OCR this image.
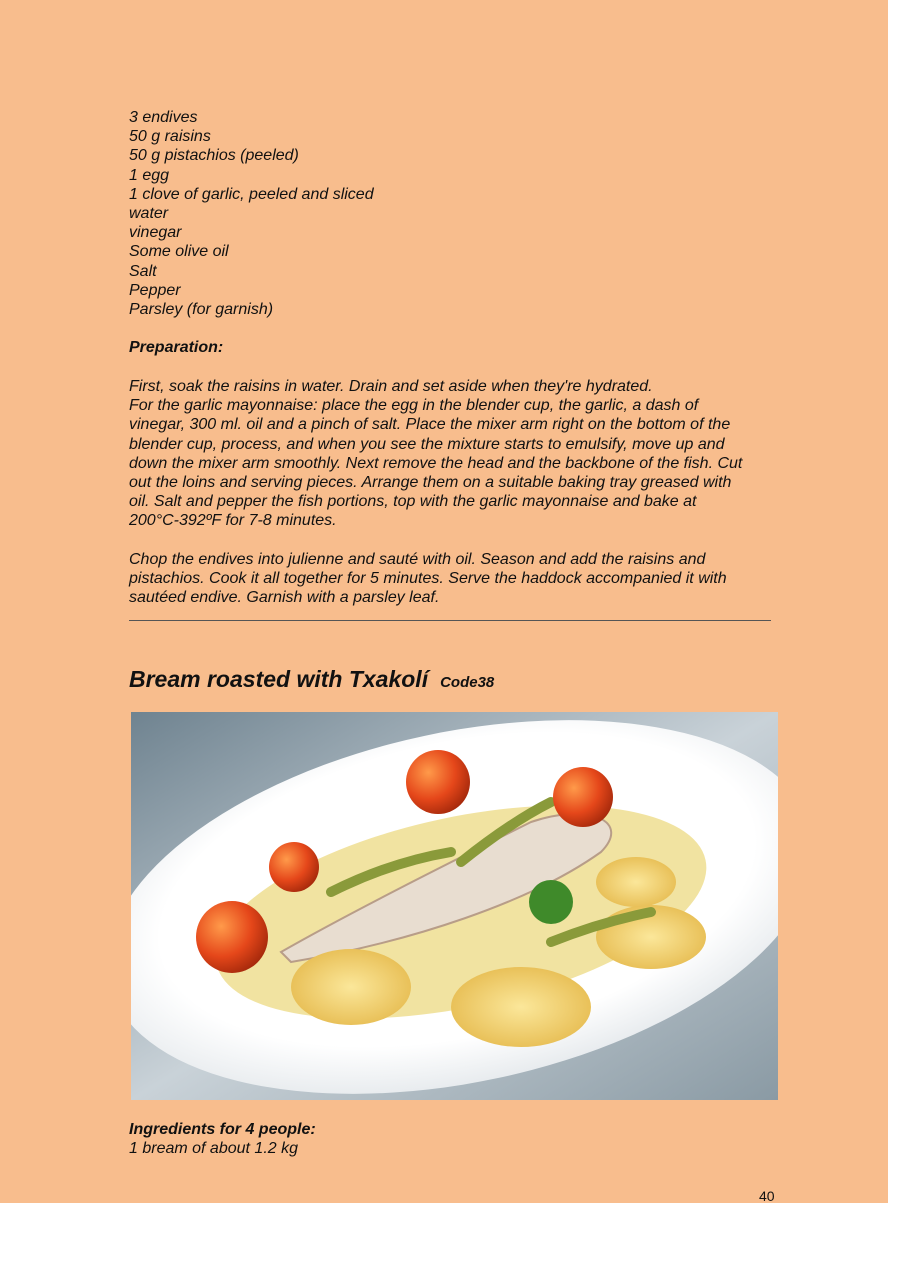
3 endives
50 g raisins
50 g pistachios (peeled)
1 egg
1 clove of garlic, peeled and sliced
water
vinegar
Some olive oil
Salt
Pepper
Parsley (for garnish)
Preparation:
First, soak the raisins in water. Drain and set aside when they're hydrated.
For the garlic mayonnaise: place the egg in the blender cup, the garlic, a dash of
vinegar, 300 ml. oil and a pinch of salt. Place the mixer arm right on the bottom of the
blender cup, process, and when you see the mixture starts to emulsify, move up and
down the mixer arm smoothly. Next remove the head and the backbone of the fish. Cut
out the loins and serving pieces. Arrange them on a suitable baking tray greased with
oil. Salt and pepper the fish portions, top with the garlic mayonnaise and bake at
200°C-392ºF for 7-8 minutes.
Chop the endives into julienne and sauté with oil. Season and add the raisins and
pistachios. Cook it all together for 5 minutes. Serve the haddock accompanied it with
sautéed endive. Garnish with a parsley leaf.
Bream roasted with Txakolí Code38
Ingredients for 4 people:
1 bream of about 1.2 kg
40
